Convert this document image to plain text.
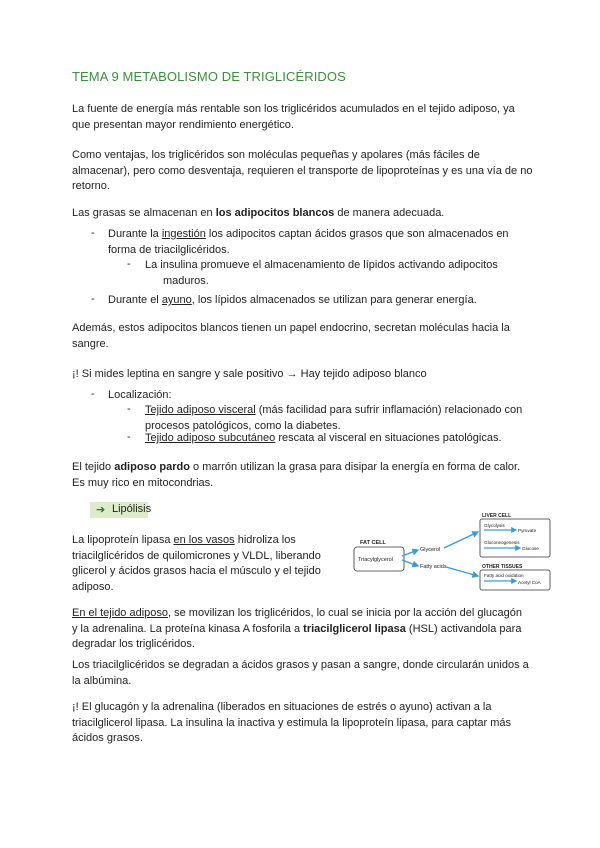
TEMA 9 METABOLISMO DE TRIGLICÉRIDOS
La fuente de energía más rentable son los triglicéridos acumulados en el tejido adiposo, ya que presentan mayor rendimiento energético.
Como ventajas, los triglicéridos son moléculas pequeñas y apolares (más fáciles de almacenar), pero como desventaja, requieren el transporte de lipoproteínas y es una vía de no retorno.
Las grasas se almacenan en los adipocitos blancos de manera adecuada.
- Durante la ingestión los adipocitos captan ácidos grasos que son almacenados en
forma de triacilglicéridos.
- La insulina promueve el almacenamiento de lípidos activando adipocitos
maduros.
- Durante el ayuno, los lípidos almacenados se utilizan para generar energía.
Además, estos adipocitos blancos tienen un papel endocrino, secretan moléculas hacia la sangre.
¡! Si mides leptina en sangre y sale positivo → Hay tejido adiposo blanco
- Localización:
- Tejido adiposo visceral (más facilidad para sufrir inflamación) relacionado con
procesos patológicos, como la diabetes.
- Tejido adiposo subcutáneo rescata al visceral en situaciones patológicas.
El tejido adiposo pardo o marrón utilizan la grasa para disipar la energía en forma de calor.
Es muy rico en mitocondrias.
➔ Lipólisis
La lipoproteín lipasa en los vasos hidroliza los
triacilglicéridos de quilomicrones y VLDL, liberando
glicerol y ácidos grasos hacia el músculo y el tejido
adiposo.
FAT CELL
Triacylglycerol
Glycerol
Fatty acids
LIVER CELL
Glycolysis
Pyruvate
Gluconeogenesis
Glucose
OTHER TISSUES
Fatty acid oxidation
Acetyl CoA
En el tejido adiposo, se movilizan los triglicéridos, lo cual se inicia por la acción del glucagón
y la adrenalina. La proteína kinasa A fosforila a triacilglicerol lipasa (HSL) activandola para
degradar los triglicéridos.
Los triacilglicéridos se degradan a ácidos grasos y pasan a sangre, donde circularán unidos a la albúmina.
¡! El glucagón y la adrenalina (liberados en situaciones de estrés o ayuno) activan a la triacilglicerol lipasa. La insulina la inactiva y estimula la lipoproteín lipasa, para captar más ácidos grasos.
